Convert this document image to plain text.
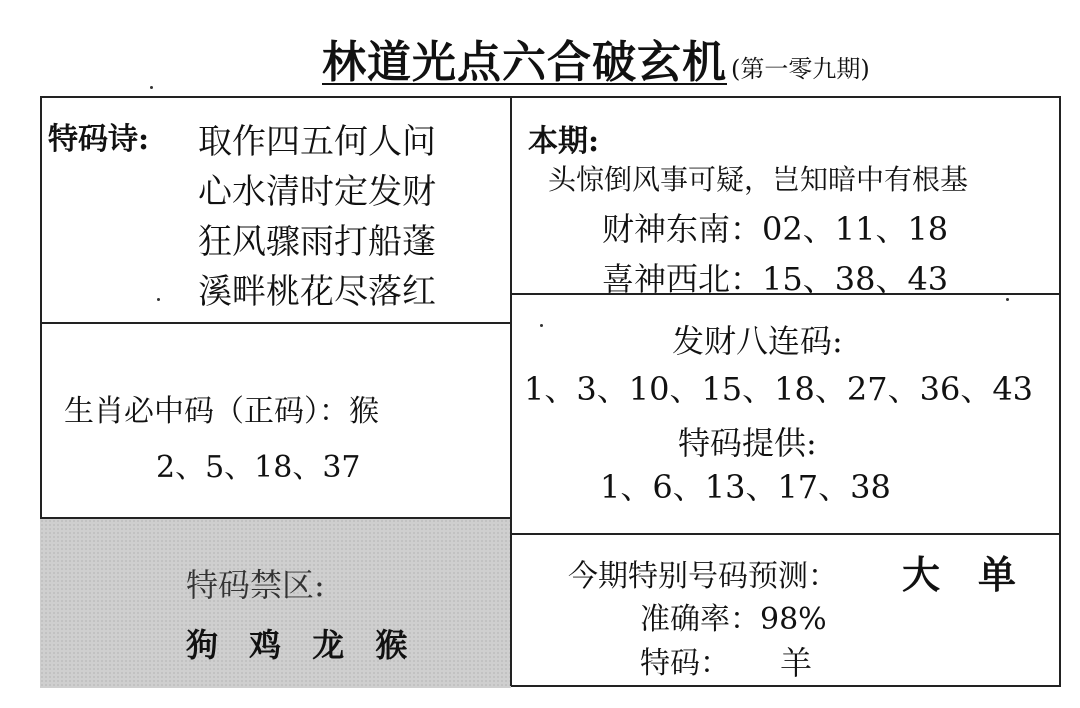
林道光点六合破玄机 (第一零九期)
特码诗: 取作四五何人问
心水清时定发财
狂风骤雨打船蓬
溪畔桃花尽落红
生肖必中码（正码）：猴
2、5、18、37
特码禁区:
狗 鸡 龙 猴
本期:
头惊倒风事可疑，岂知暗中有根基
财神东南：02、11、18
喜神西北：15、38、43
发财八连码:
1、3、10、15、18、27、36、43
特码提供:
1、6、13、17、38
今期特别号码预测： 大　单
准确率：98%
特码： 羊
